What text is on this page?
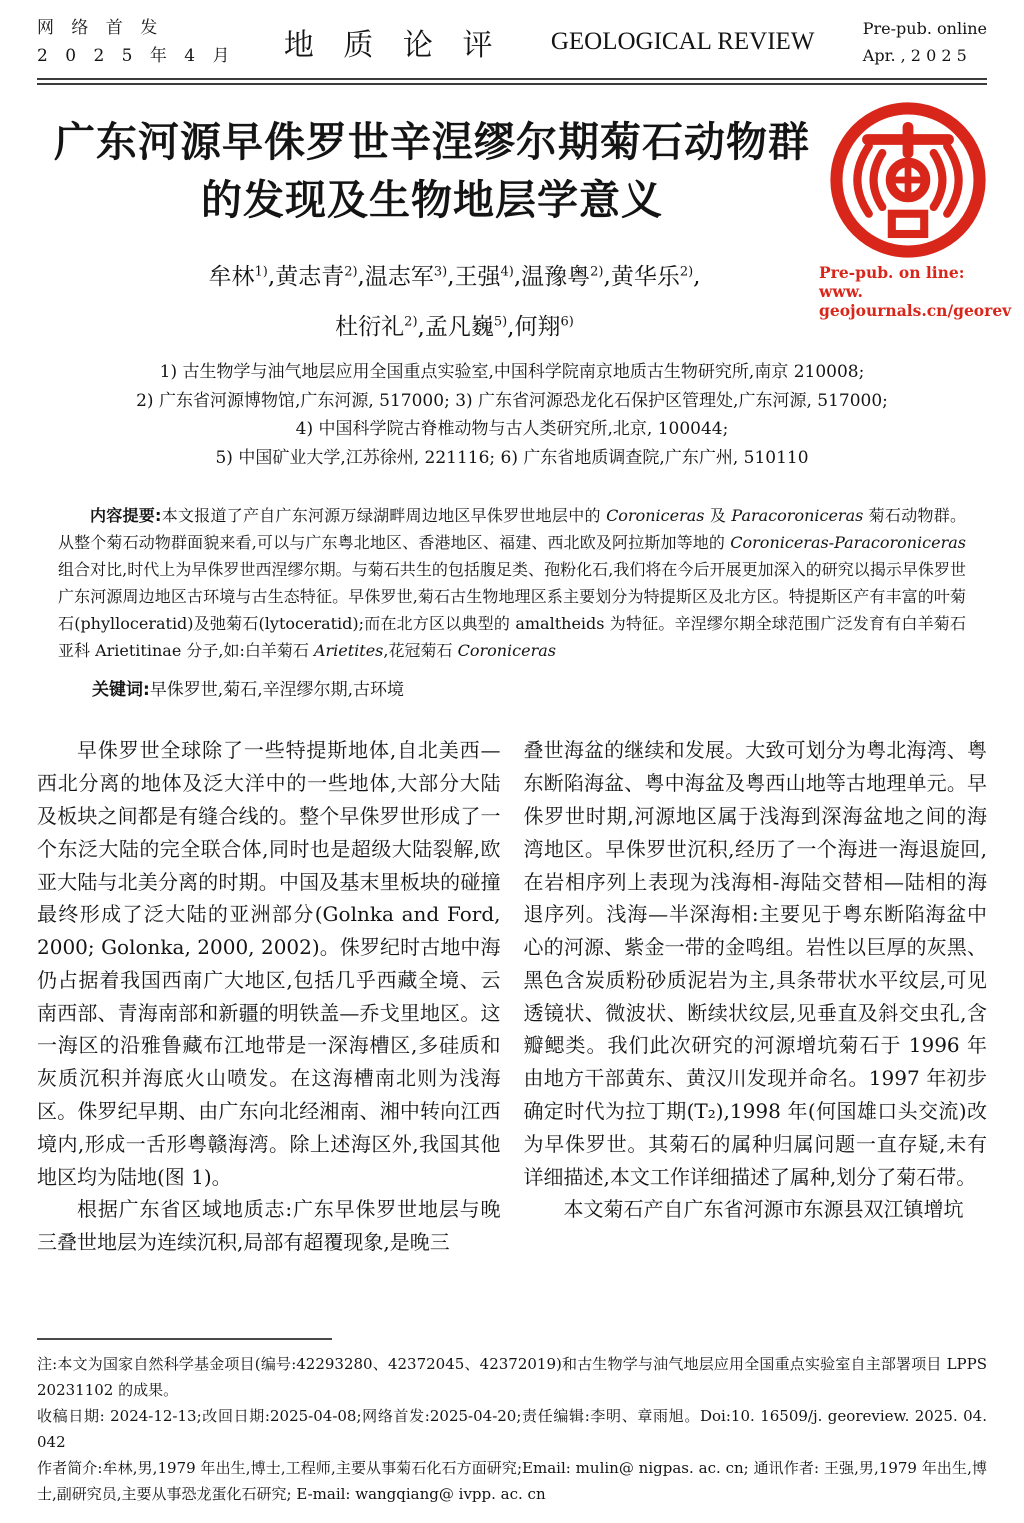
网 络 首 发
2 0 2 5 年 4 月 地 质 论 评 GEOLOGICAL REVIEW	Pre-pub. online
Apr. , 2 0 2 5
广东河源早侏罗世辛涅缪尔期菊石动物群
的发现及生物地层学意义
Pre-pub. on line: www.
geojournals.cn/georev
牟林$^{1)}$,黄志青$^{2)}$,温志军$^{3)}$,王强$^{4)}$,温豫粤$^{2)}$,黄华乐$^{2)}$,
杜衍礼$^{2)}$,孟凡巍$^{5)}$,何翔$^{6)}$
1) 古生物学与油气地层应用全国重点实验室,中国科学院南京地质古生物研究所,南京 210008;
2) 广东省河源博物馆,广东河源, 517000; 3) 广东省河源恐龙化石保护区管理处,广东河源, 517000;
4) 中国科学院古脊椎动物与古人类研究所,北京, 100044;
5) 中国矿业大学,江苏徐州, 221116; 6) 广东省地质调查院,广东广州, 510110

内容提要:本文报道了产自广东河源万绿湖畔周边地区早侏罗世地层中的 Coroniceras 及 Paracoroniceras 菊石动物群。从整个菊石动物群面貌来看,可以与广东粤北地区、香港地区、福建、西北欧及阿拉斯加等地的 Coroniceras-Paracoroniceras 组合对比,时代上为早侏罗世西涅缪尔期。与菊石共生的包括腹足类、孢粉化石,我们将在今后开展更加深入的研究以揭示早侏罗世广东河源周边地区古环境与古生态特征。早侏罗世,菊石古生物地理区系主要划分为特提斯区及北方区。特提斯区产有丰富的叶菊石(phylloceratid)及弛菊石(lytoceratid);而在北方区以典型的 amaltheids 为特征。辛涅缪尔期全球范围广泛发育有白羊菊石亚科 Arietitinae 分子,如:白羊菊石 Arietites,花冠菊石 Coroniceras

关键词:早侏罗世,菊石,辛涅缪尔期,古环境

早侏罗世全球除了一些特提斯地体,自北美西—西北分离的地体及泛大洋中的一些地体,大部分大陆及板块之间都是有缝合线的。整个早侏罗世形成了一个东泛大陆的完全联合体,同时也是超级大陆裂解,欧亚大陆与北美分离的时期。中国及基末里板块的碰撞最终形成了泛大陆的亚洲部分(Golnka and Ford, 2000; Golonka, 2000, 2002)。侏罗纪时古地中海仍占据着我国西南广大地区,包括几乎西藏全境、云南西部、青海南部和新疆的明铁盖—乔戈里地区。这一海区的沿雅鲁藏布江地带是一深海槽区,多硅质和灰质沉积并海底火山喷发。在这海槽南北则为浅海区。侏罗纪早期、由广东向北经湘南、湘中转向江西境内,形成一舌形粤赣海湾。除上述海区外,我国其他地区均为陆地(图 1)。

根据广东省区域地质志:广东早侏罗世地层与晚三叠世地层为连续沉积,局部有超覆现象,是晚三

叠世海盆的继续和发展。大致可划分为粤北海湾、粤东断陷海盆、粤中海盆及粤西山地等古地理单元。早侏罗世时期,河源地区属于浅海到深海盆地之间的海湾地区。早侏罗世沉积,经历了一个海进一海退旋回,在岩相序列上表现为浅海相-海陆交替相—陆相的海退序列。浅海—半深海相:主要见于粤东断陷海盆中心的河源、紫金一带的金鸣组。岩性以巨厚的灰黑、黑色含炭质粉砂质泥岩为主,具条带状水平纹层,可见透镜状、微波状、断续状纹层,见垂直及斜交虫孔,含瓣鳃类。我们此次研究的河源增坑菊石于 1996 年由地方干部黄东、黄汉川发现并命名。1997 年初步确定时代为拉丁期(T₂),1998 年(何国雄口头交流)改为早侏罗世。其菊石的属种归属问题一直存疑,未有详细描述,本文工作详细描述了属种,划分了菊石带。

本文菊石产自广东省河源市东源县双江镇增坑

注:本文为国家自然科学基金项目(编号:42293280、42372045、42372019)和古生物学与油气地层应用全国重点实验室自主部署项目 LPPS 20231102 的成果。

收稿日期: 2024-12-13;改回日期:2025-04-08;网络首发:2025-04-20;责任编辑:李明、章雨旭。Doi:10. 16509/j. georeview. 2025. 04. 042

作者简介:牟林,男,1979 年出生,博士,工程师,主要从事菊石化石方面研究;Email: mulin@ nigpas. ac. cn; 通讯作者: 王强,男,1979 年出生,博士,副研究员,主要从事恐龙蛋化石研究; E-mail: wangqiang@ ivpp. ac. cn
